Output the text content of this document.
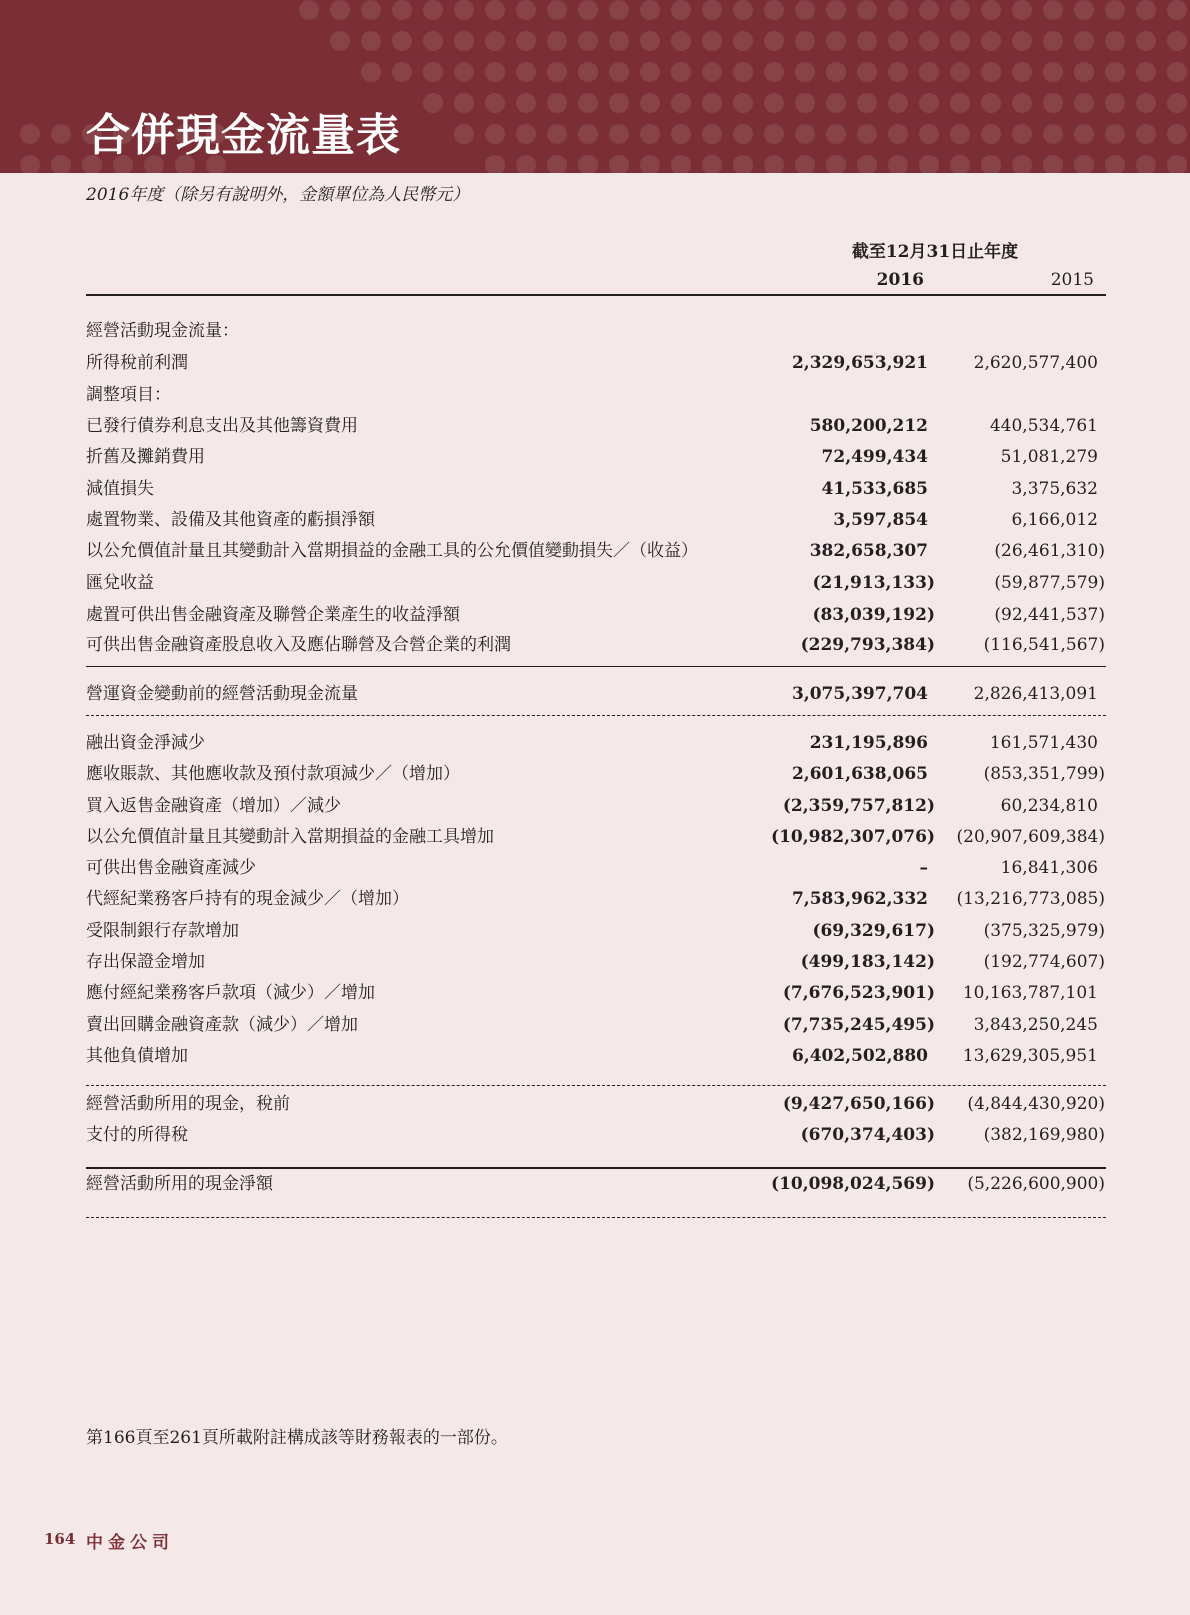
合併現金流量表
2016年度（除另有說明外，金額單位為人民幣元）
截至12月31日止年度
2016	2015
經營活動現金流量：
所得稅前利潤	2,329,653,921	2,620,577,400
調整項目：
已發行債券利息支出及其他籌資費用	580,200,212	440,534,761
折舊及攤銷費用	72,499,434	51,081,279
減值損失	41,533,685	3,375,632
處置物業、設備及其他資產的虧損淨額	3,597,854	6,166,012
以公允價值計量且其變動計入當期損益的金融工具的公允價值變動損失／（收益）	382,658,307	(26,461,310)
匯兌收益	(21,913,133)	(59,877,579)
處置可供出售金融資產及聯營企業產生的收益淨額	(83,039,192)	(92,441,537)
可供出售金融資產股息收入及應佔聯營及合營企業的利潤	(229,793,384)	(116,541,567)
營運資金變動前的經營活動現金流量	3,075,397,704	2,826,413,091
融出資金淨減少	231,195,896	161,571,430
應收賬款、其他應收款及預付款項減少／（增加）	2,601,638,065	(853,351,799)
買入返售金融資產（增加）／減少	(2,359,757,812)	60,234,810
以公允價值計量且其變動計入當期損益的金融工具增加	(10,982,307,076) (20,907,609,384)
可供出售金融資產減少	–	16,841,306
代經紀業務客戶持有的現金減少／（增加）	7,583,962,332	(13,216,773,085)
受限制銀行存款增加	(69,329,617)	(375,325,979)
存出保證金增加	(499,183,142)	(192,774,607)
應付經紀業務客戶款項（減少）／增加	(7,676,523,901) 10,163,787,101
賣出回購金融資產款（減少）／增加	(7,735,245,495) 3,843,250,245
其他負債增加	6,402,502,880	13,629,305,951
經營活動所用的現金，稅前	(9,427,650,166) (4,844,430,920)
支付的所得稅	(670,374,403)	(382,169,980)
經營活動所用的現金淨額	(10,098,024,569) (5,226,600,900)
第166頁至261頁所載附註構成該等財務報表的一部份。
164 中金公司
